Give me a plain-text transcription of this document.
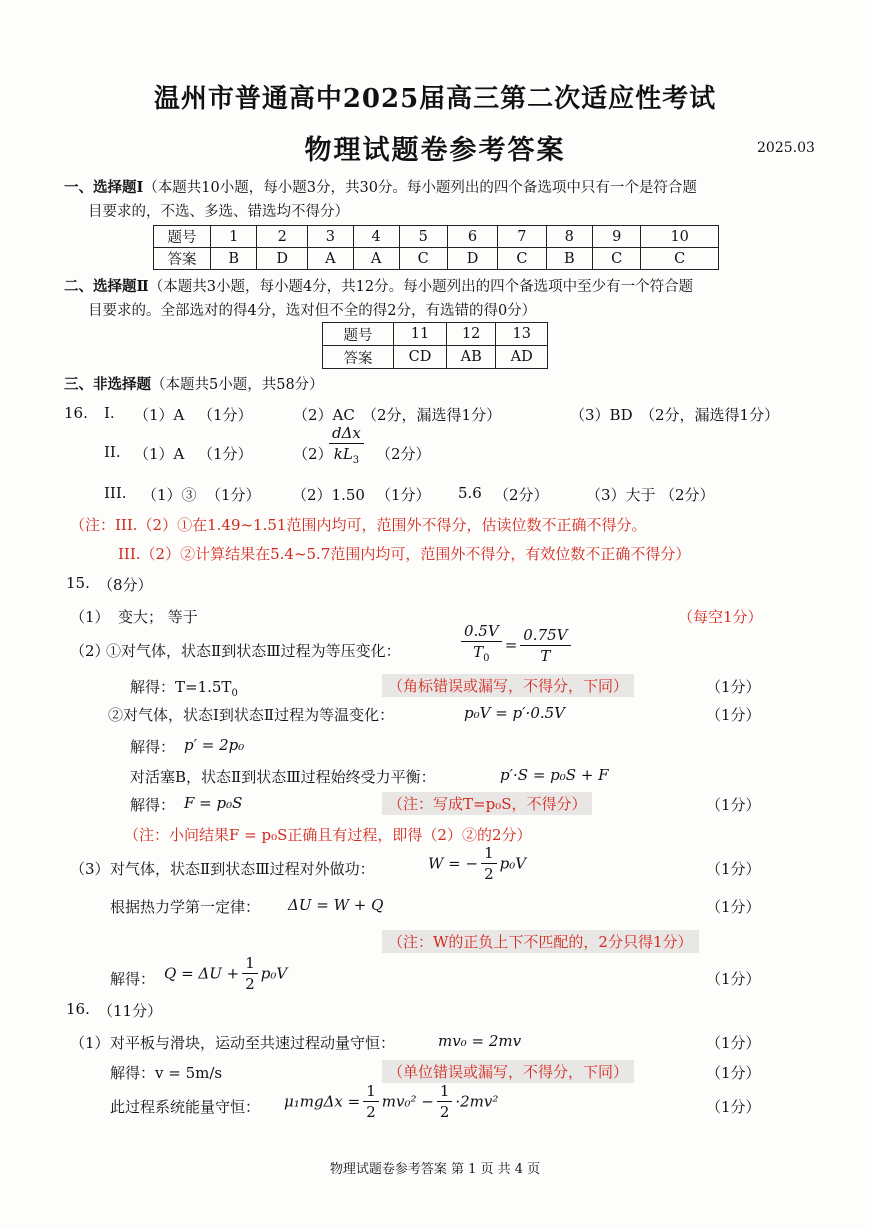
温州市普通高中2025届高三第二次适应性考试
物理试题卷参考答案	2025.03
一、选择题Ⅰ（本题共10小题，每小题3分，共30分。每小题列出的四个备选项中只有一个是符合题
目要求的，不选、多选、错选均不得分）
题号	1	2	3	4	5	6	7	8	9	10
答案	B	D	A	A	C	D	C	B	C	C
二、选择题Ⅱ（本题共3小题，每小题4分，共12分。每小题列出的四个备选项中至少有一个符合题
目要求的。全部选对的得4分，选对但不全的得2分，有选错的得0分）
题号	11	12	13
答案	CD	AB	AD
三、非选择题（本题共5小题，共58分）
16. I. （1）A （1分）	（2）AC （2分，漏选得1分）	（3）BD （2分，漏选得1分）
II. （1）A （1分）	（2）
$\frac{\text{dΔx}}{kL_3} (2$分）
III. （1）③ （1分） （2）1.50 （1分） 5.6 （2分） （3）大于 （2分）
（注：III.（2）①在1.49~1.51范围内均可，范围外不得分，估读位数不正确不得分。
III.（2）②计算结果在5.4~5.7范围内均可，范围外不得分，有效位数不正确不得分）
15. （8分）
（1） 变大； 等于	（每空1分）
（2）
①对气体，状态Ⅱ到状态Ⅲ过程为等压变化：	$\frac{0.5V}{T_0} = \frac{0.75V}{T}$
解得：$T=1.5T_0$	（角标错误或漏写，不得分，下同）	（1分）
②对气体，状态Ⅰ到状态Ⅱ过程为等温变化：	p₀V = p′·0.5V	（1分）
解得： p′ = 2p₀
对活塞B，状态Ⅱ到状态Ⅲ过程始终受力平衡：	p′·S = p₀S + F
解得： F = p₀S	（注：写成T=p₀S，不得分）	（1分）
（注：小问结果F = p₀S正确且有过程，即得（2）②的2分）
（3） 对气体，状态Ⅱ到状态Ⅲ过程对外做功：	W = − $\frac{1}{2} p_0V$	（1分）
根据热力学第一定律： ΔU = W + Q	（1分）
（注：W的正负上下不匹配的，2分只得1分）
解得： $Q = \Delta U + \frac{1}{2} p_0V$	（1分）
16. （11分）
（1） 对平板与滑块，运动至共速过程动量守恒：	mv₀ = 2mv	（1分）
解得：v = 5m/s	（单位错误或漏写，不得分，下同）	（1分）
此过程系统能量守恒： $\mu_1mg\Delta x = \frac{1}{2} mv_0^2 - \frac{1}{2} \cdot 2mv^2$	（1分）
物理试题卷参考答案 第 1 页 共 4 页
